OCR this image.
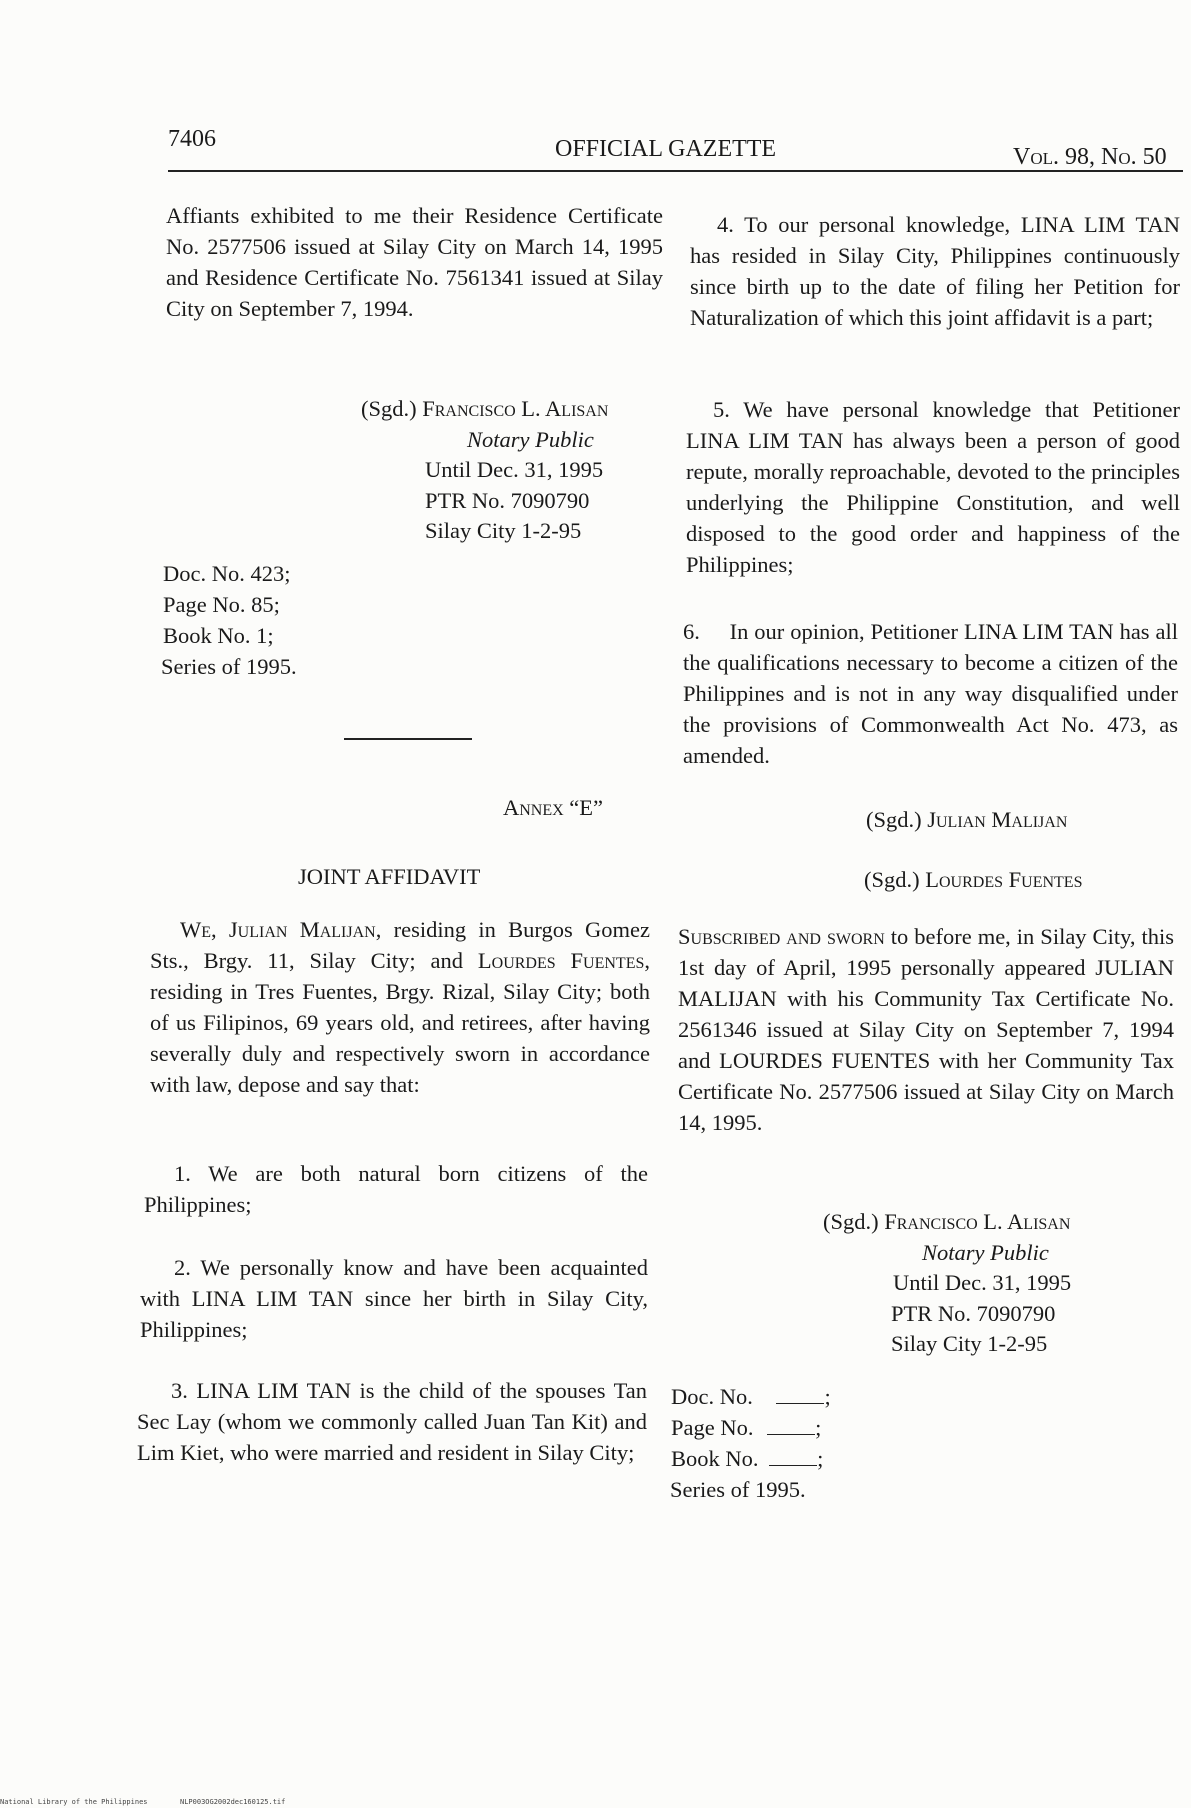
7406	OFFICIAL GAZETTE	Vol. 98, No. 50
Affiants exhibited to me their Residence Certificate No. 2577506 issued at Silay City on March 14, 1995 and Residence Certificate No. 7561341 issued at Silay City on September 7, 1994.
(Sgd.) Francisco L. Alisan
Notary Public
Until Dec. 31, 1995
PTR No. 7090790
Silay City 1-2-95
Doc. No. 423;
Page No. 85;
Book No. 1;
Series of 1995.
Annex “E”
JOINT AFFIDAVIT
We, Julian Malijan, residing in Burgos Gomez Sts., Brgy. 11, Silay City; and Lourdes Fuentes, residing in Tres Fuentes, Brgy. Rizal, Silay City; both of us Filipinos, 69 years old, and retirees, after having severally duly and respectively sworn in accordance with law, depose and say that:
1. We are both natural born citizens of the Philippines;
2. We personally know and have been acquainted with LINA LIM TAN since her birth in Silay City, Philippines;
3. LINA LIM TAN is the child of the spouses Tan Sec Lay (whom we commonly called Juan Tan Kit) and Lim Kiet, who were married and resident in Silay City;
4. To our personal knowledge, LINA LIM TAN has resided in Silay City, Philippines continuously since birth up to the date of filing her Petition for Naturalization of which this joint affidavit is a part;
5. We have personal knowledge that Petitioner LINA LIM TAN has always been a person of good repute, morally reproachable, devoted to the principles underlying the Philippine Constitution, and well disposed to the good order and happiness of the Philippines;
6. In our opinion, Petitioner LINA LIM TAN has all the qualifications necessary to become a citizen of the Philippines and is not in any way disqualified under the provisions of Commonwealth Act No. 473, as amended.
(Sgd.) Julian Malijan
(Sgd.) Lourdes Fuentes
Subscribed and sworn to before me, in Silay City, this 1st day of April, 1995 personally appeared JULIAN MALIJAN with his Community Tax Certificate No. 2561346 issued at Silay City on September 7, 1994 and LOURDES FUENTES with her Community Tax Certificate No. 2577506 issued at Silay City on March 14, 1995.
(Sgd.) Francisco L. Alisan
Notary Public
Until Dec. 31, 1995
PTR No. 7090790
Silay City 1-2-95
Doc. No.	;
Page No.	;
Book No.	;
Series of 1995.
National Library of the Philippines	NLP003OG2002dec160125.tif
